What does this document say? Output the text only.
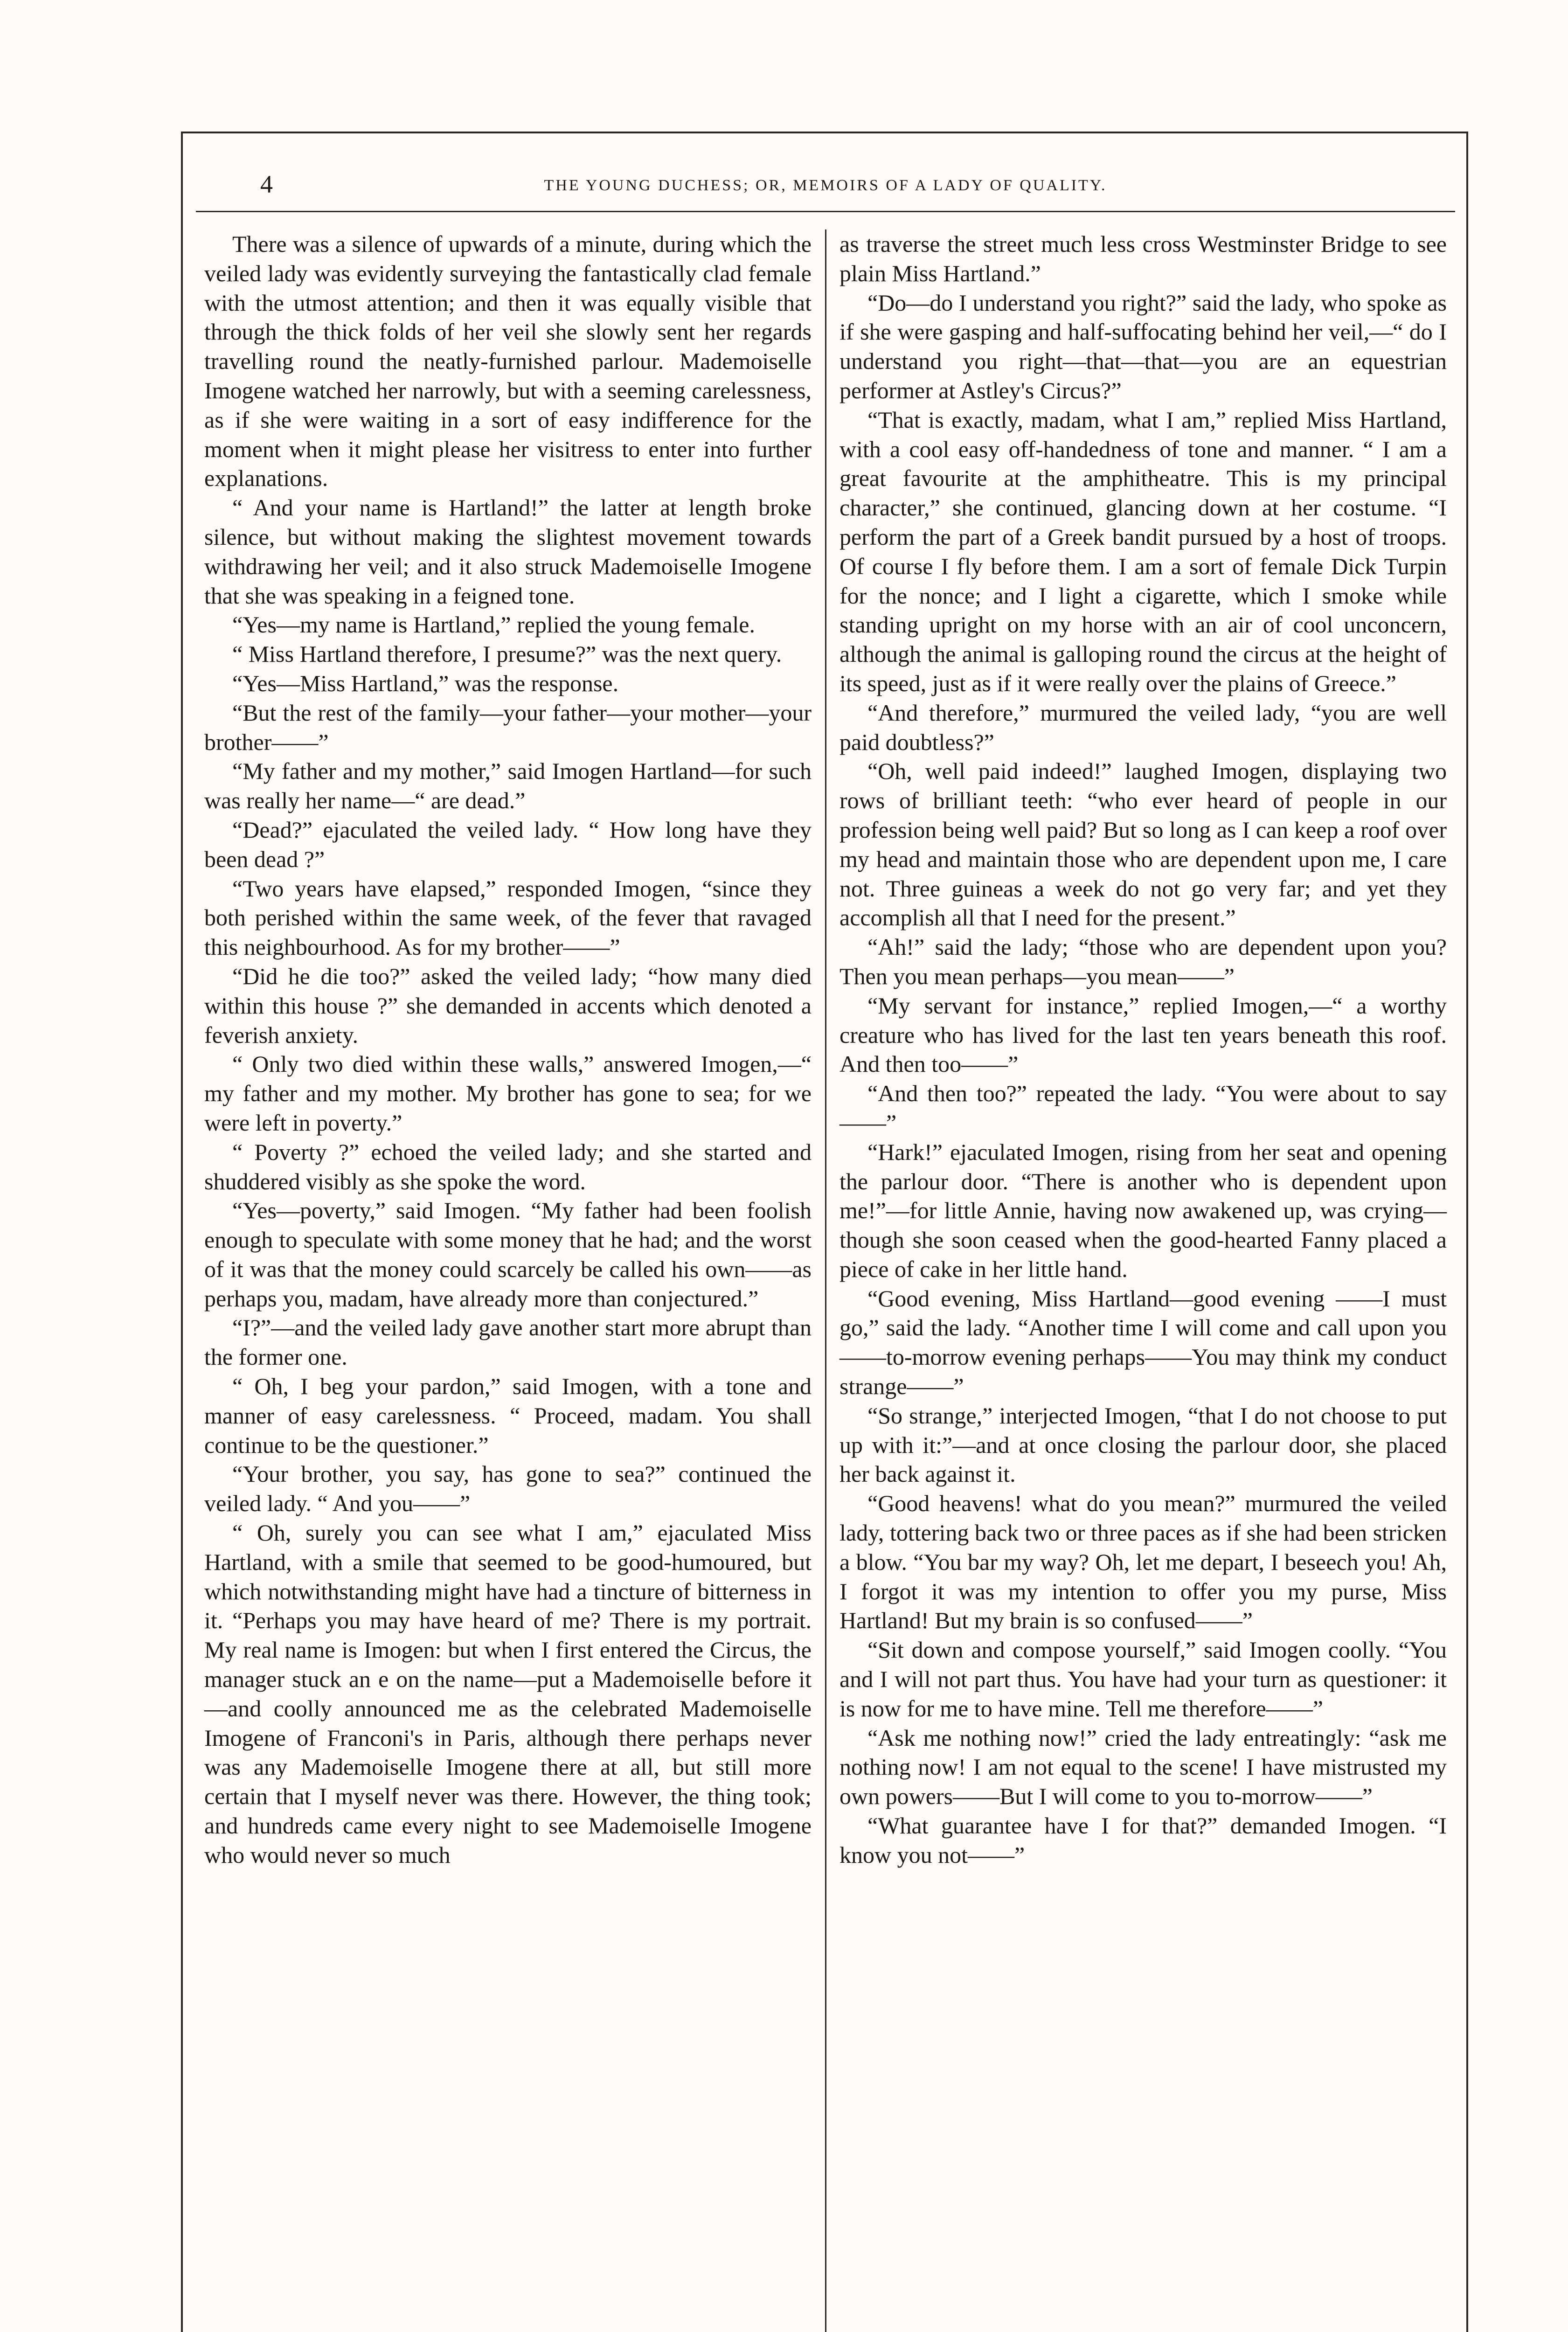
4	THE YOUNG DUCHESS; OR, MEMOIRS OF A LADY OF QUALITY.

There was a silence of upwards of a minute, during which the veiled lady was evidently surveying the fantastically clad female with the utmost attention; and then it was equally visible that through the thick folds of her veil she slowly sent her regards travelling round the neatly-furnished parlour. Mademoiselle Imogene watched her narrowly, but with a seeming carelessness, as if she were waiting in a sort of easy indifference for the moment when it might please her visitress to enter into further explanations.

“ And your name is Hartland!” the latter at length broke silence, but without making the slightest movement towards withdrawing her veil; and it also struck Mademoiselle Imogene that she was speaking in a feigned tone.

“Yes—my name is Hartland,” replied the young female.

“ Miss Hartland therefore, I presume?” was the next query.

“Yes—Miss Hartland,” was the response.

“But the rest of the family—your father—your mother—your brother——”

“My father and my mother,” said Imogen Hartland—for such was really her name—“ are dead.”

“Dead?” ejaculated the veiled lady. “ How long have they been dead ?”

“Two years have elapsed,” responded Imogen, “since they both perished within the same week, of the fever that ravaged this neighbourhood. As for my brother——”

“Did he die too?” asked the veiled lady; “how many died within this house ?” she demanded in accents which denoted a feverish anxiety.

“ Only two died within these walls,” answered Imogen,—“ my father and my mother. My brother has gone to sea; for we were left in poverty.”

“ Poverty ?” echoed the veiled lady; and she started and shuddered visibly as she spoke the word.

“Yes—poverty,” said Imogen. “My father had been foolish enough to speculate with some money that he had; and the worst of it was that the money could scarcely be called his own——as perhaps you, madam, have already more than conjectured.”

“I?”—and the veiled lady gave another start more abrupt than the former one.

“ Oh, I beg your pardon,” said Imogen, with a tone and manner of easy carelessness. “ Proceed, madam. You shall continue to be the questioner.”

“Your brother, you say, has gone to sea?” continued the veiled lady. “ And you——”

“ Oh, surely you can see what I am,” ejaculated Miss Hartland, with a smile that seemed to be good-humoured, but which notwithstanding might have had a tincture of bitterness in it. “Perhaps you may have heard of me? There is my portrait. My real name is Imogen: but when I first entered the Circus, the manager stuck an e on the name—put a Mademoiselle before it —and coolly announced me as the celebrated Mademoiselle Imogene of Franconi's in Paris, although there perhaps never was any Mademoiselle Imogene there at all, but still more certain that I myself never was there. However, the thing took; and hundreds came every night to see Mademoiselle Imogene who would never so much

as traverse the street much less cross Westminster Bridge to see plain Miss Hartland.”

“Do—do I understand you right?” said the lady, who spoke as if she were gasping and half-suffocating behind her veil,—“ do I understand you right—that—that—you are an equestrian performer at Astley's Circus?”

“That is exactly, madam, what I am,” replied Miss Hartland, with a cool easy off-handedness of tone and manner. “ I am a great favourite at the amphitheatre. This is my principal character,” she continued, glancing down at her costume. “I perform the part of a Greek bandit pursued by a host of troops. Of course I fly before them. I am a sort of female Dick Turpin for the nonce; and I light a cigarette, which I smoke while standing upright on my horse with an air of cool unconcern, although the animal is galloping round the circus at the height of its speed, just as if it were really over the plains of Greece.”

“And therefore,” murmured the veiled lady, “you are well paid doubtless?”

“Oh, well paid indeed!” laughed Imogen, displaying two rows of brilliant teeth: “who ever heard of people in our profession being well paid? But so long as I can keep a roof over my head and maintain those who are dependent upon me, I care not. Three guineas a week do not go very far; and yet they accomplish all that I need for the present.”

“Ah!” said the lady; “those who are dependent upon you? Then you mean perhaps—you mean——”

“My servant for instance,” replied Imogen,—“ a worthy creature who has lived for the last ten years beneath this roof. And then too——”

“And then too?” repeated the lady. “You were about to say——”

“Hark!” ejaculated Imogen, rising from her seat and opening the parlour door. “There is another who is dependent upon me!”—for little Annie, having now awakened up, was crying—though she soon ceased when the good-hearted Fanny placed a piece of cake in her little hand.

“Good evening, Miss Hartland—good evening ——I must go,” said the lady. “Another time I will come and call upon you——to-morrow evening perhaps——You may think my conduct strange——”

“So strange,” interjected Imogen, “that I do not choose to put up with it:”—and at once closing the parlour door, she placed her back against it.

“Good heavens! what do you mean?” murmured the veiled lady, tottering back two or three paces as if she had been stricken a blow. “You bar my way? Oh, let me depart, I beseech you! Ah, I forgot it was my intention to offer you my purse, Miss Hartland! But my brain is so confused——”

“Sit down and compose yourself,” said Imogen coolly. “You and I will not part thus. You have had your turn as questioner: it is now for me to have mine. Tell me therefore——”

“Ask me nothing now!” cried the lady entreatingly: “ask me nothing now! I am not equal to the scene! I have mistrusted my own powers——But I will come to you to-morrow——”

“What guarantee have I for that?” demanded Imogen. “I know you not——”
